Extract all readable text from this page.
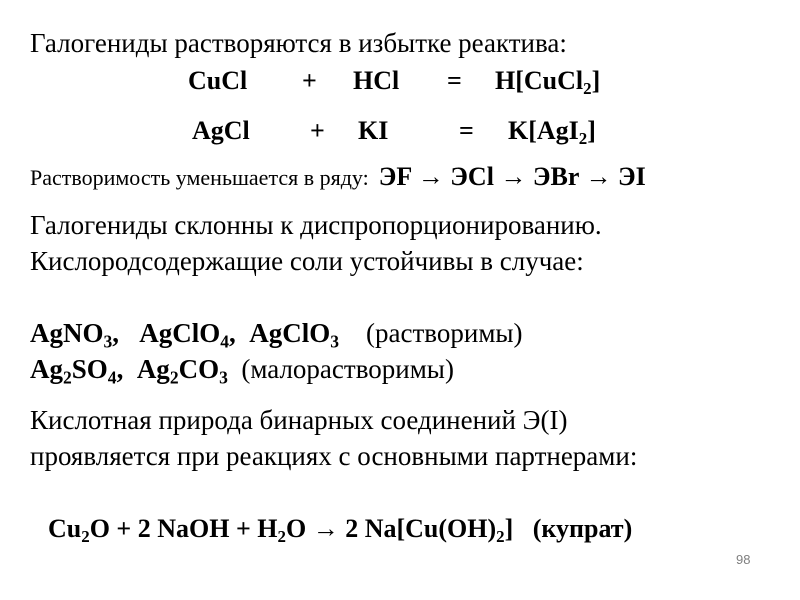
Галогениды растворяются в избытке реактива:
CuCl + HCl = H[CuCl$_2$]
AgCl + KI	= K[AgI$_2$]
Растворимость уменьшается в ряду: ЭF → ЭCl → ЭBr → ЭI
Галогениды склонны к диспропорционированию.
Кислородсодержащие соли устойчивы в случае:
AgNO$_3$, AgClO$_4$, AgClO$_3$ (растворимы)
$Ag_2SO_4$, $Ag_2CO_3$ (малорастворимы)
Кислотная природа бинарных соединений Э(I)
проявляется при реакциях с основными партнерами:
$Cu_2O + 2$ NaOH + $H_2O \to 2$ $Na[Cu(OH)_2]$ (купрат)
98
